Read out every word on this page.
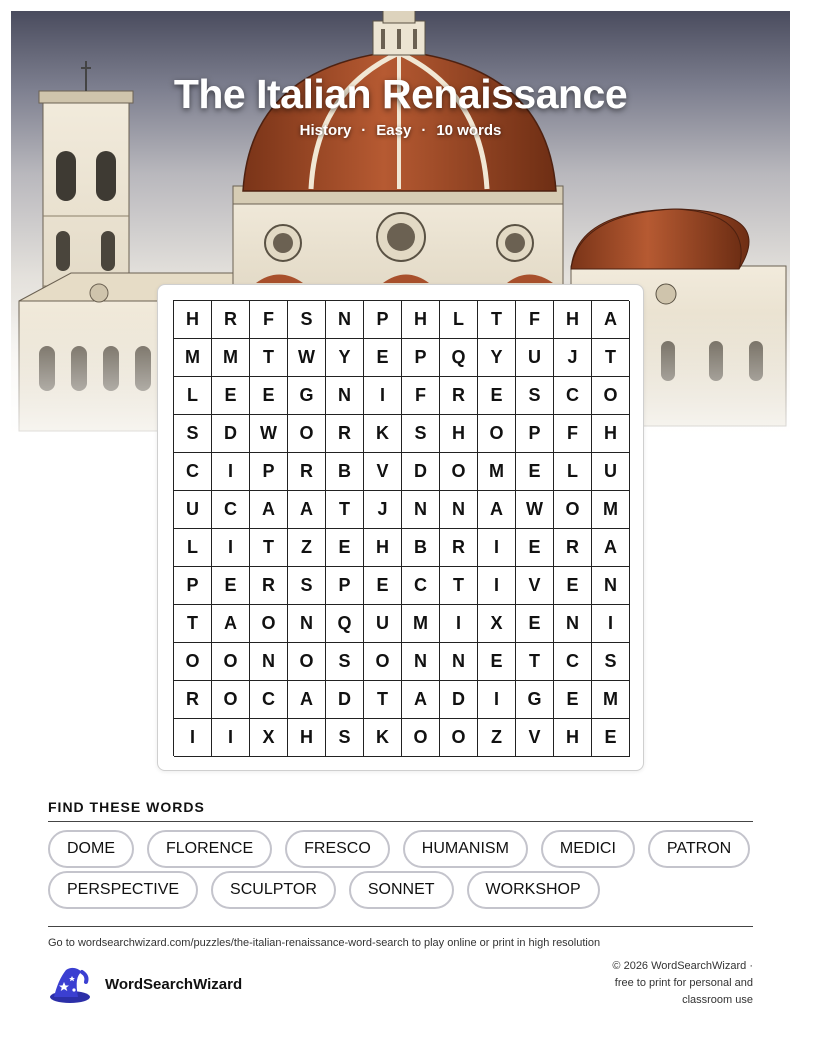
The Italian Renaissance
History · Easy · 10 words
H	R	F	S	N	P	H	L	T	F	H	A
M	M	T	W	Y	E	P	Q	Y	U	J	T
L	E	E	G	N	I	F	R	E	S	C	O
S	D	W	O	R	K	S	H	O	P	F	H
C	I	P	R	B	V	D	O	M	E	L	U
U	C	A	A	T	J	N	N	A	W	O	M
L	I	T	Z	E	H	B	R	I	E	R	A
P	E	R	S	P	E	C	T	I	V	E	N
T	A	O	N	Q	U	M	I	X	E	N	I
O	O	N	O	S	O	N	N	E	T	C	S
R	O	C	A	D	T	A	D	I	G	E	M
I	I	X	H	S	K	O	O	Z	V	H	E
FIND THESE WORDS
DOME	FLORENCE	FRESCO	HUMANISM	MEDICI	PATRON
PERSPECTIVE	SCULPTOR	SONNET	WORKSHOP
Go to wordsearchwizard.com/puzzles/the-italian-renaissance-word-search to play online or print in high resolution
WordSearchWizard
© 2026 WordSearchWizard ·
free to print for personal and
classroom use
